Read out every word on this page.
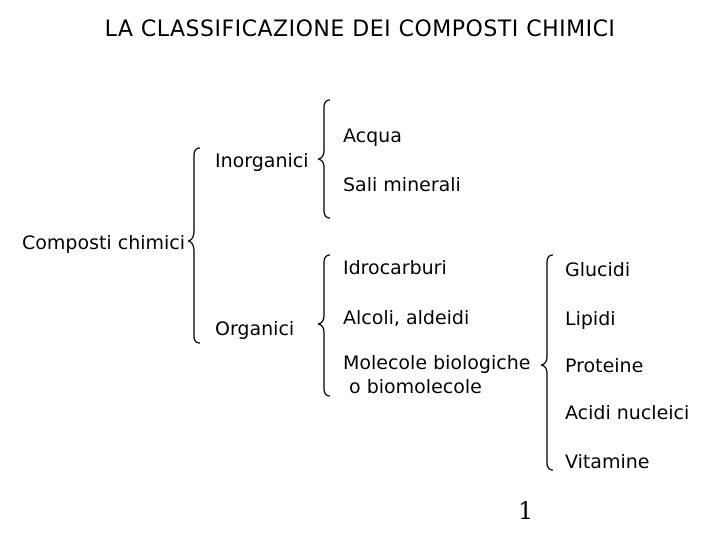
LA CLASSIFICAZIONE DEI COMPOSTI CHIMICI
Composti chimici
Inorganici
Acqua
Sali minerali
Organici
Idrocarburi
Alcoli, aldeidi
Molecole biologiche
o biomolecole
Glucidi
Lipidi
Proteine
Acidi nucleici
Vitamine
1
